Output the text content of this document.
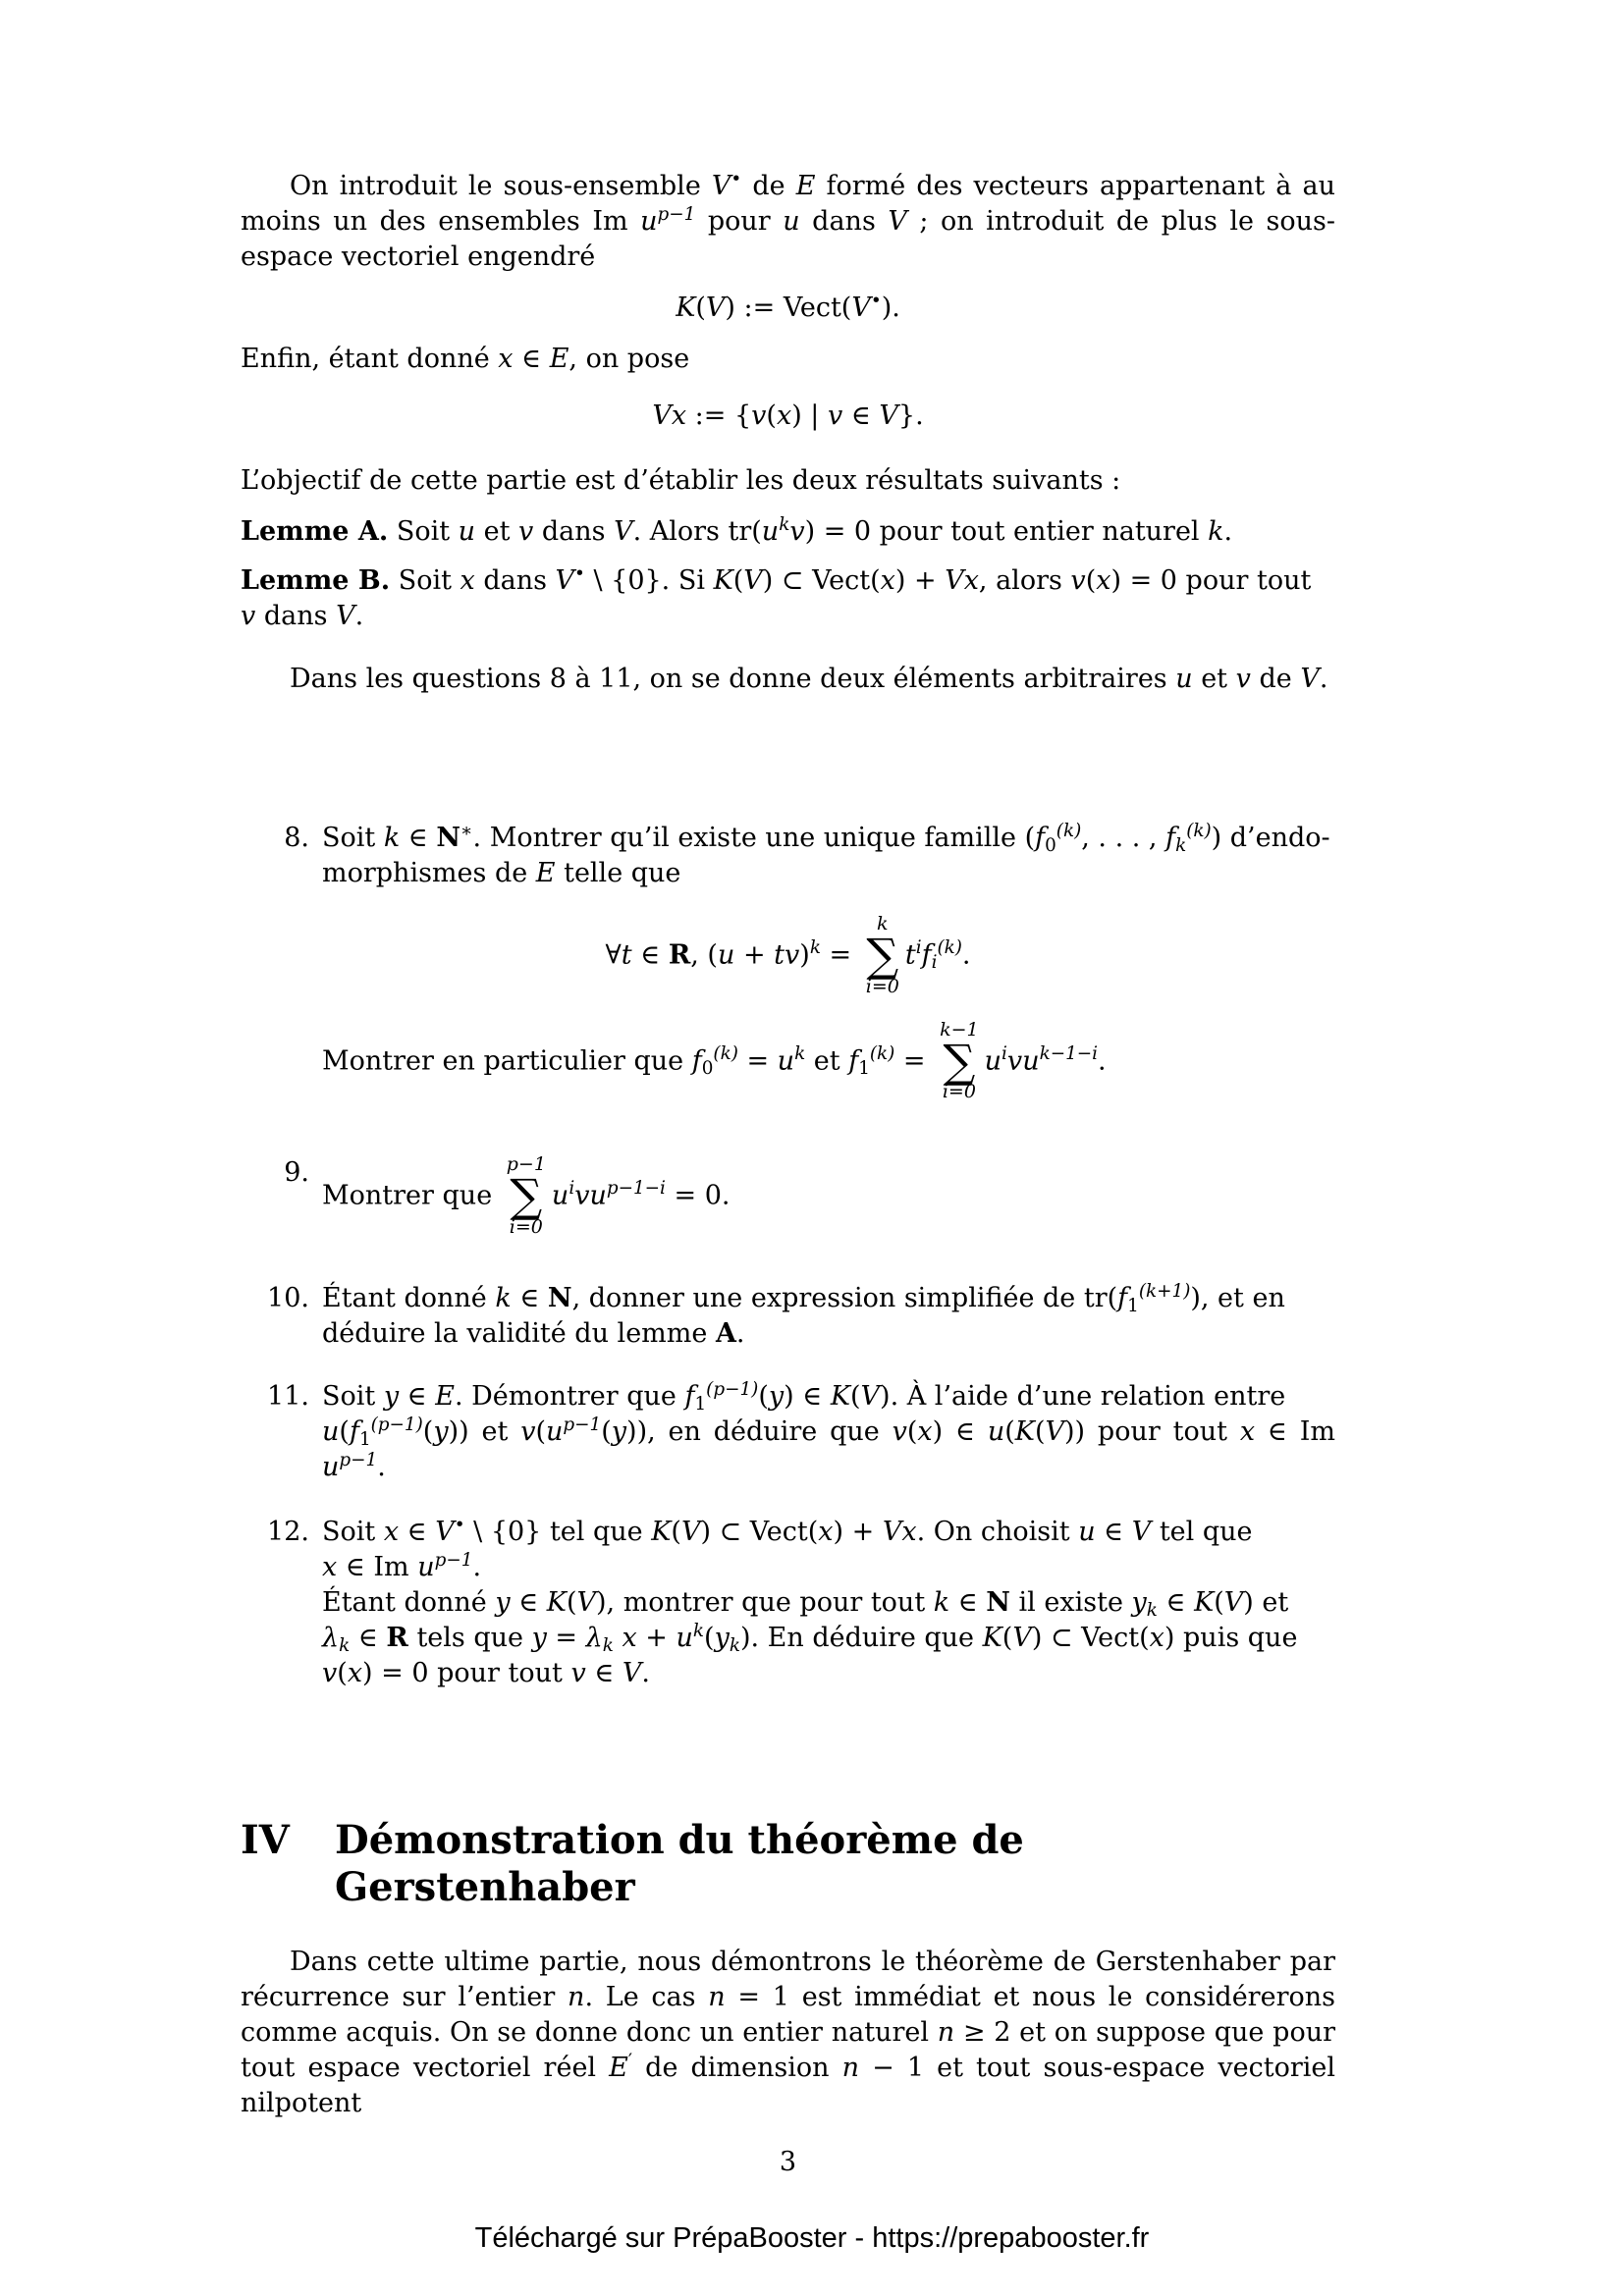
On introduit le sous-ensemble V• de E formé des vecteurs appartenant à au moins un des ensembles Im $u^{p-1}$ pour u dans V ; on introduit de plus le sous-espace vectoriel engendré

K(V) := Vect(V•).

Enfin, étant donné x ∈ E, on pose

Vx := {v(x) | v ∈ V}.

L’objectif de cette partie est d’établir les deux résultats suivants :

Lemme A. Soit u et v dans V. Alors $tr(u^kv) = 0$ pour tout entier naturel k.

Lemme B. Soit x dans V• \ {0}. Si K(V) ⊂ Vect(x) + Vx, alors v(x) = 0 pour tout
v dans V.

Dans les questions 8 à 11, on se donne deux éléments arbitraires u et v de V.

8. Soit k ∈ N∗. Montrer qu’il existe une unique famille (f0$^{(k)}$, . . . , $fk^{(k)}$) d’endo-
morphismes de E telle que
∀t ∈ R, (u + tv)$^k$ =
k
∑
i=0
$t^ifi^{(k)}$.
Montrer en particulier que $f0^{(k)} = u^k$ et $f1^{(k)}$ =
k−1
∑
i=0
$u^ivu^{k-1-i}$.
9.
Montrer que
p−1
∑
i=0
$u^ivu^{p-1-i} = 0$.
10. Étant donné k ∈ N, donner une expression simplifiée de $tr(f1^{(k+1)})$, et en
déduire la validité du lemme A.
11. Soit y ∈ E. Démontrer que $f1^{(p-1)}(y)$ ∈ K(V). À l’aide d’une relation entre
$u(f1^{(p-1)}(y))$ et $v(u^{p-1}(y))$, en déduire que v(x) ∈ u(K(V)) pour tout x ∈ Im $u^{p-1}$.
12. Soit x ∈ V• \ {0} tel que K(V) ⊂ Vect(x) + Vx. On choisit u ∈ V tel que
x ∈ Im $u^{p-1}$.
Étant donné y ∈ K(V), montrer que pour tout k ∈ N il existe yk ∈ K(V) et
λk ∈ R tels que y = λk $x + u^k(yk)$. En déduire que K(V) ⊂ Vect(x) puis que
v(x) = 0 pour tout v ∈ V.
IV	Démonstration du théorème de Gerstenhaber

Dans cette ultime partie, nous démontrons le théorème de Gerstenhaber par récurrence sur l’entier n. Le cas n = 1 est immédiat et nous le considérerons comme acquis. On se donne donc un entier naturel n ≥ 2 et on suppose que pour tout espace vectoriel réel E′ de dimension n − 1 et tout sous-espace vectoriel nilpotent

3
Téléchargé sur PrépaBooster - https://prepabooster.fr
